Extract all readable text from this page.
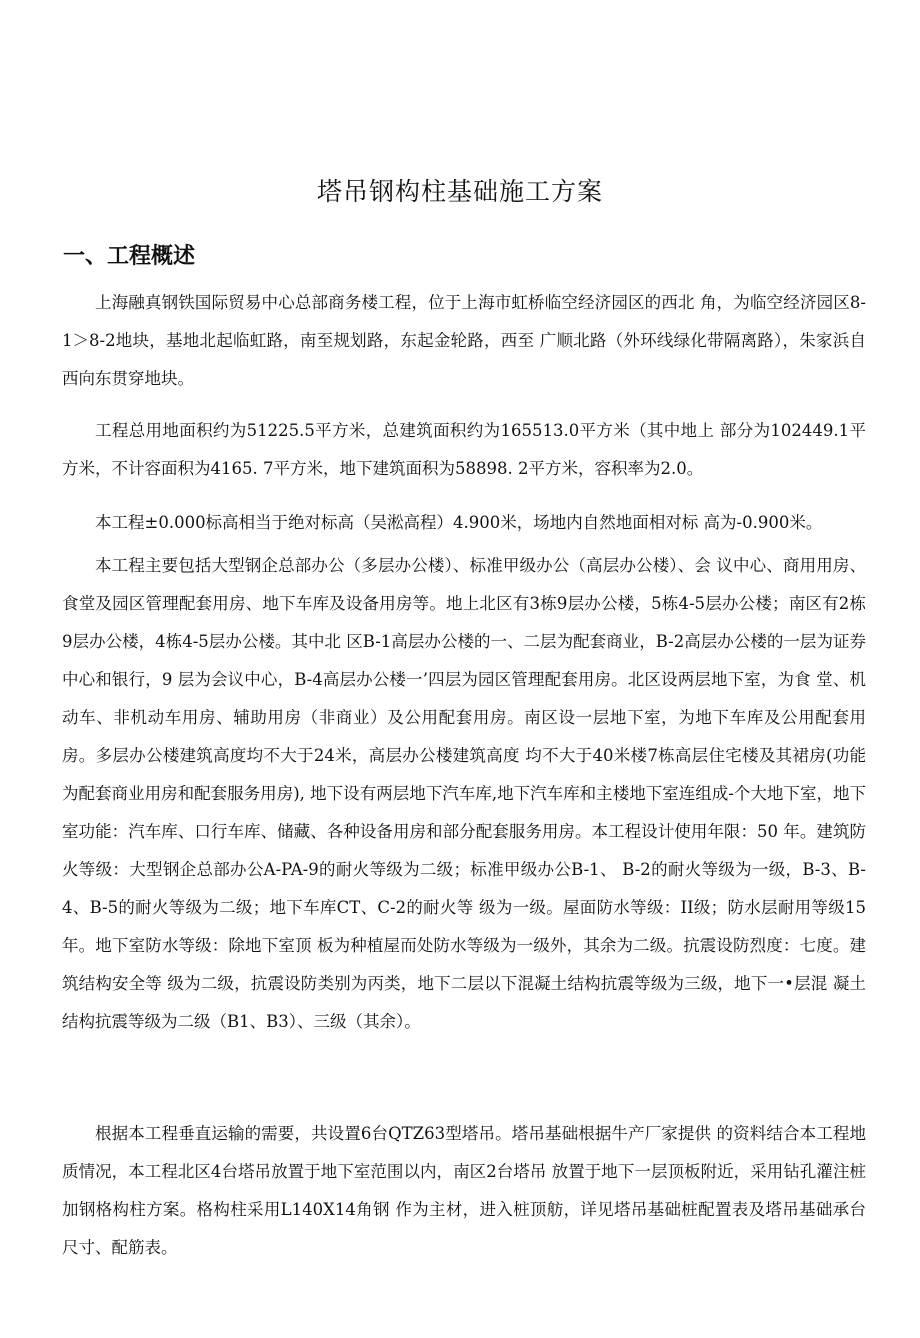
塔吊钢构柱基础施工方案
一、工程概述

上海融真钢铁国际贸易中心总部商务楼工程，位于上海市虹桥临空经济园区的西北 角，为临空经济园区8-1＞8-2地块，基地北起临虹路，南至规划路，东起金轮路，西至 广顺北路（外环线绿化带隔离路），朱家浜自西向东贯穿地块。

工程总用地面积约为51225.5平方米，总建筑面积约为165513.0平方米（其中地上 部分为102449.1平方米，不计容面积为4165. 7平方米，地下建筑面积为58898. 2平方米，容积率为2.0。

本工程±0.000标高相当于绝对标高（吴淞高程）4.900米，场地内自然地面相对标 高为-0.900米。

本工程主要包括大型钢企总部办公（多层办公楼）、标准甲级办公（高层办公楼）、会 议中心、商用用房、食堂及园区管理配套用房、地下车库及设备用房等。地上北区有3栋9层办公楼，5栋4-5层办公楼；南区有2栋9层办公楼，4栋4-5层办公楼。其中北 区B-1高层办公楼的一、二层为配套商业，B-2高层办公楼的一层为证券中心和银行，9 层为会议中心，B-4高层办公楼一’四层为园区管理配套用房。北区设两层地下室，为食 堂、机动车、非机动车用房、辅助用房（非商业）及公用配套用房。南区设一层地下室，为地下车库及公用配套用房。多层办公楼建筑高度均不大于24米，高层办公楼建筑高度 均不大于40米楼7栋高层住宅楼及其裙房(功能为配套商业用房和配套服务用房), 地下设有两层地下汽车库,地下汽车库和主楼地下室连组成-个大地下室，地下室功能：汽车库、口行车库、储藏、各种设备用房和部分配套服务用房。本工程设计使用年限：50 年。建筑防火等级：大型钢企总部办公A-PA-9的耐火等级为二级；标准甲级办公B-1、 B-2的耐火等级为一级，B-3、B-4、B-5的耐火等级为二级；地下车库CT、C-2的耐火等 级为一级。屋面防水等级：II级；防水层耐用等级15年。地下室防水等级：除地下室顶 板为种植屋而处防水等级为一级外，其余为二级。抗震设防烈度：七度。建筑结构安全等 级为二级，抗震设防类别为丙类，地下二层以下混凝土结构抗震等级为三级，地下一•层混 凝土结构抗震等级为二级（B1、B3）、三级（其余）。

根据本工程垂直运输的需要，共设置6台QTZ63型塔吊。塔吊基础根据牛产厂家提供 的资料结合本工程地质情况，本工程北区4台塔吊放置于地下室范围以内，南区2台塔吊 放置于地下一层顶板附近，采用钻孔灌注桩加钢格构柱方案。格构柱采用L140X14角钢 作为主材，进入桩顶舫，详见塔吊基础桩配置表及塔吊基础承台尺寸、配筋表。
